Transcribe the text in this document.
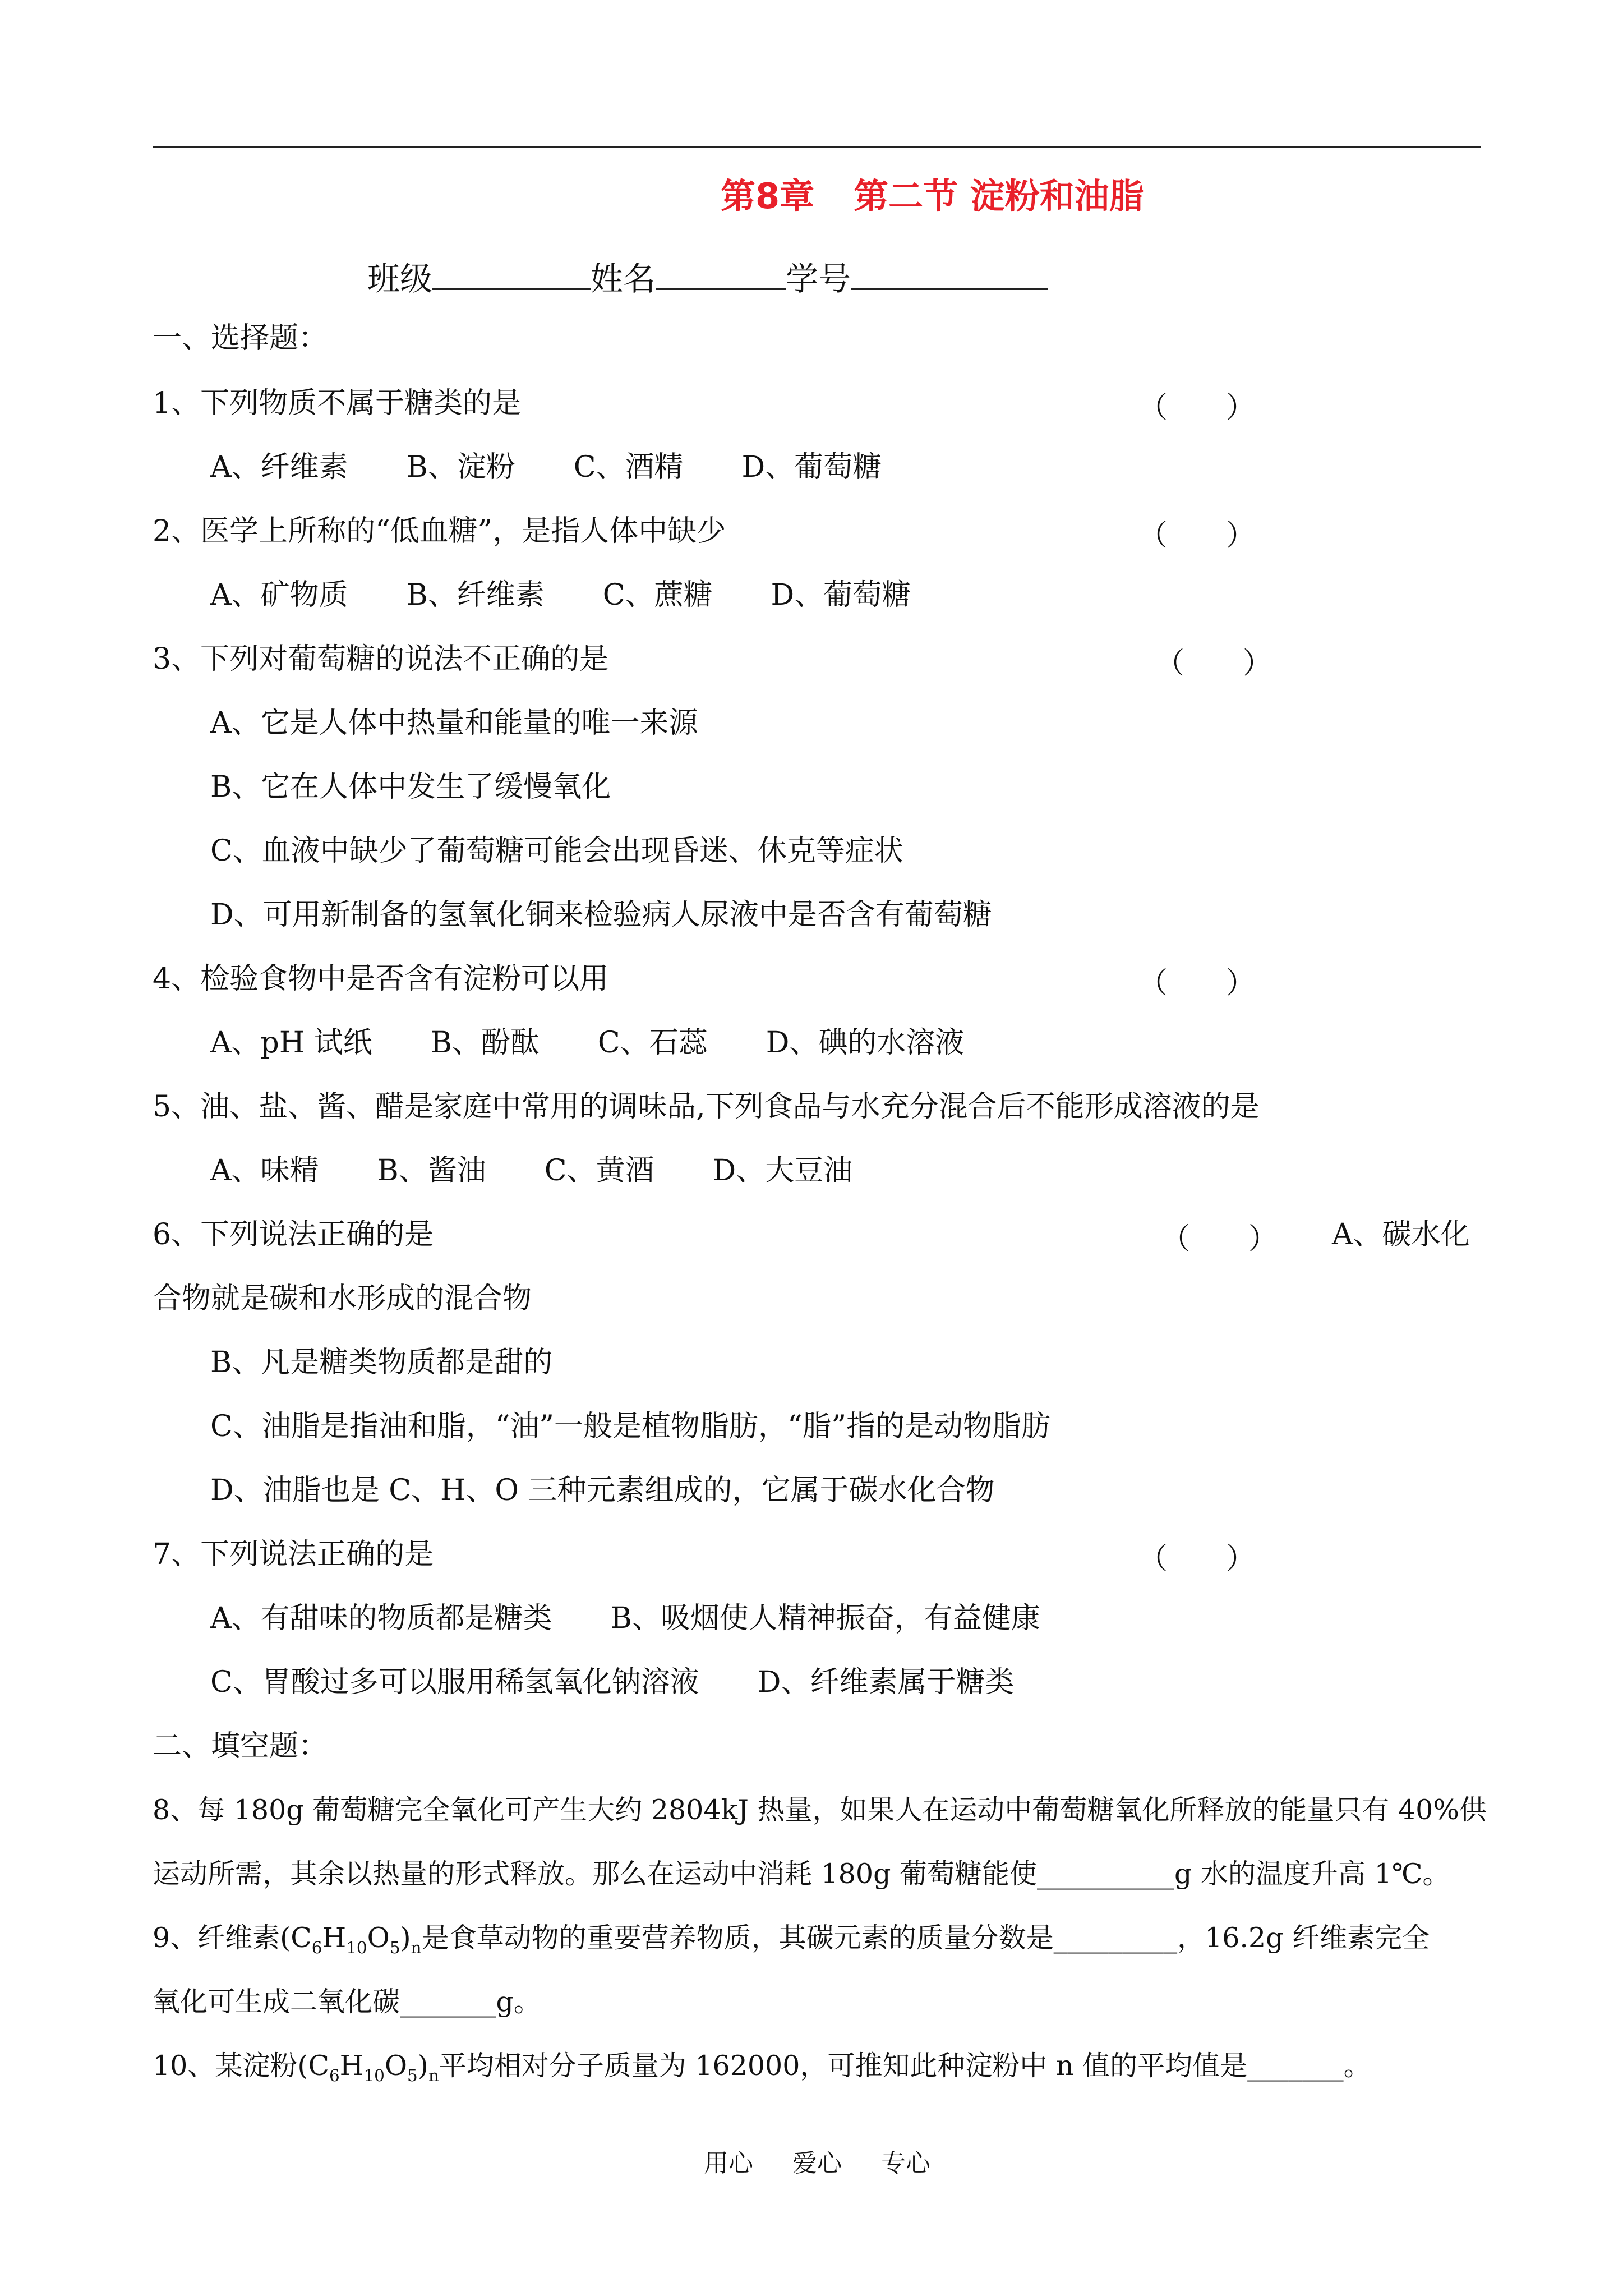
第8章 第二节 淀粉和油脂
班级	姓名	学号
一、选择题：
1、下列物质不属于糖类的是	（　　）
A、纤维素　　B、淀粉　　C、酒精　　D、葡萄糖
2、医学上所称的“低血糖”，是指人体中缺少	（　　）
A、矿物质　　B、纤维素　　C、蔗糖　　D、葡萄糖
3、下列对葡萄糖的说法不正确的是	（　　）
A、它是人体中热量和能量的唯一来源
B、它在人体中发生了缓慢氧化
C、血液中缺少了葡萄糖可能会出现昏迷、休克等症状
D、可用新制备的氢氧化铜来检验病人尿液中是否含有葡萄糖
4、检验食物中是否含有淀粉可以用	（　　）
A、pH 试纸　　B、酚酞　　C、石蕊　　D、碘的水溶液
5、油、盐、酱、醋是家庭中常用的调味品,下列食品与水充分混合后不能形成溶液的是
A、味精　　B、酱油　　C、黄酒　　D、大豆油
6、下列说法正确的是	（　　） A、碳水化
合物就是碳和水形成的混合物
B、凡是糖类物质都是甜的
C、油脂是指油和脂，“油”一般是植物脂肪，“脂”指的是动物脂肪
D、油脂也是 C、H、O 三种元素组成的，它属于碳水化合物
7、下列说法正确的是	（　　）
A、有甜味的物质都是糖类　　B、吸烟使人精神振奋，有益健康
C、胃酸过多可以服用稀氢氧化钠溶液　　D、纤维素属于糖类
二、填空题：
8、每 180g 葡萄糖完全氧化可产生大约 2804kJ 热量，如果人在运动中葡萄糖氧化所释放的能量只有 40%供
运动所需，其余以热量的形式释放。那么在运动中消耗 180g 葡萄糖能使__________g 水的温度升高 1℃。
9、纤维素$(C_6H_{10}O_5)_n$是食草动物的重要营养物质，其碳元素的质量分数是_________，16.2g 纤维素完全
氧化可生成二氧化碳_______g。
10、某淀粉$(C_6H_{10}O_5)_n$平均相对分子质量为 162000，可推知此种淀粉中 n 值的平均值是_______。
用心 爱心 专心
